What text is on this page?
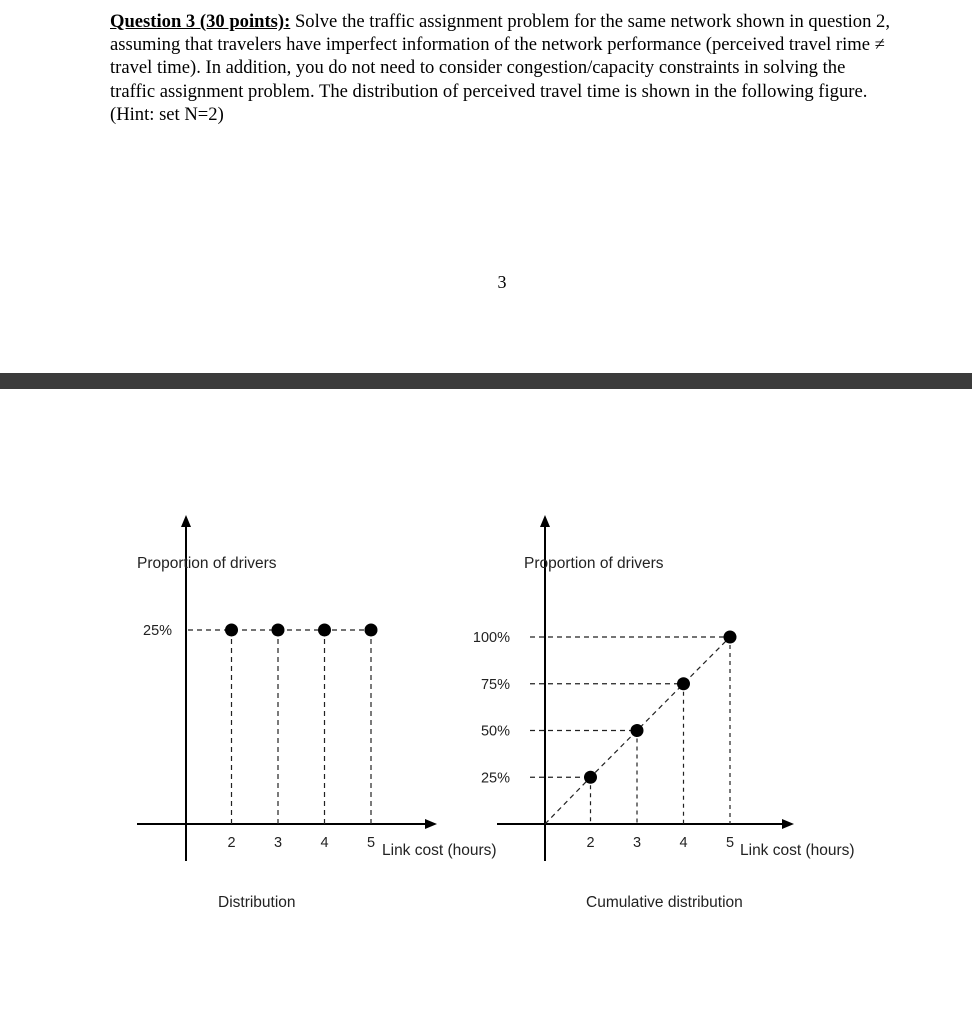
Question 3 (30 points): Solve the traffic assignment problem for the same network shown in question 2, assuming that travelers have imperfect information of the network performance (perceived travel rime ≠ travel time). In addition, you do not need to consider congestion/capacity constraints in solving the traffic assignment problem. The distribution of perceived travel time is shown in the following figure. (Hint: set N=2)
3
Proportion of drivers
Link cost (hours)
Distribution
25%
2	3	4	5
Proportion of drivers
Link cost (hours)
Cumulative distribution
100%
75%
50%
25%
2	3	4	5
